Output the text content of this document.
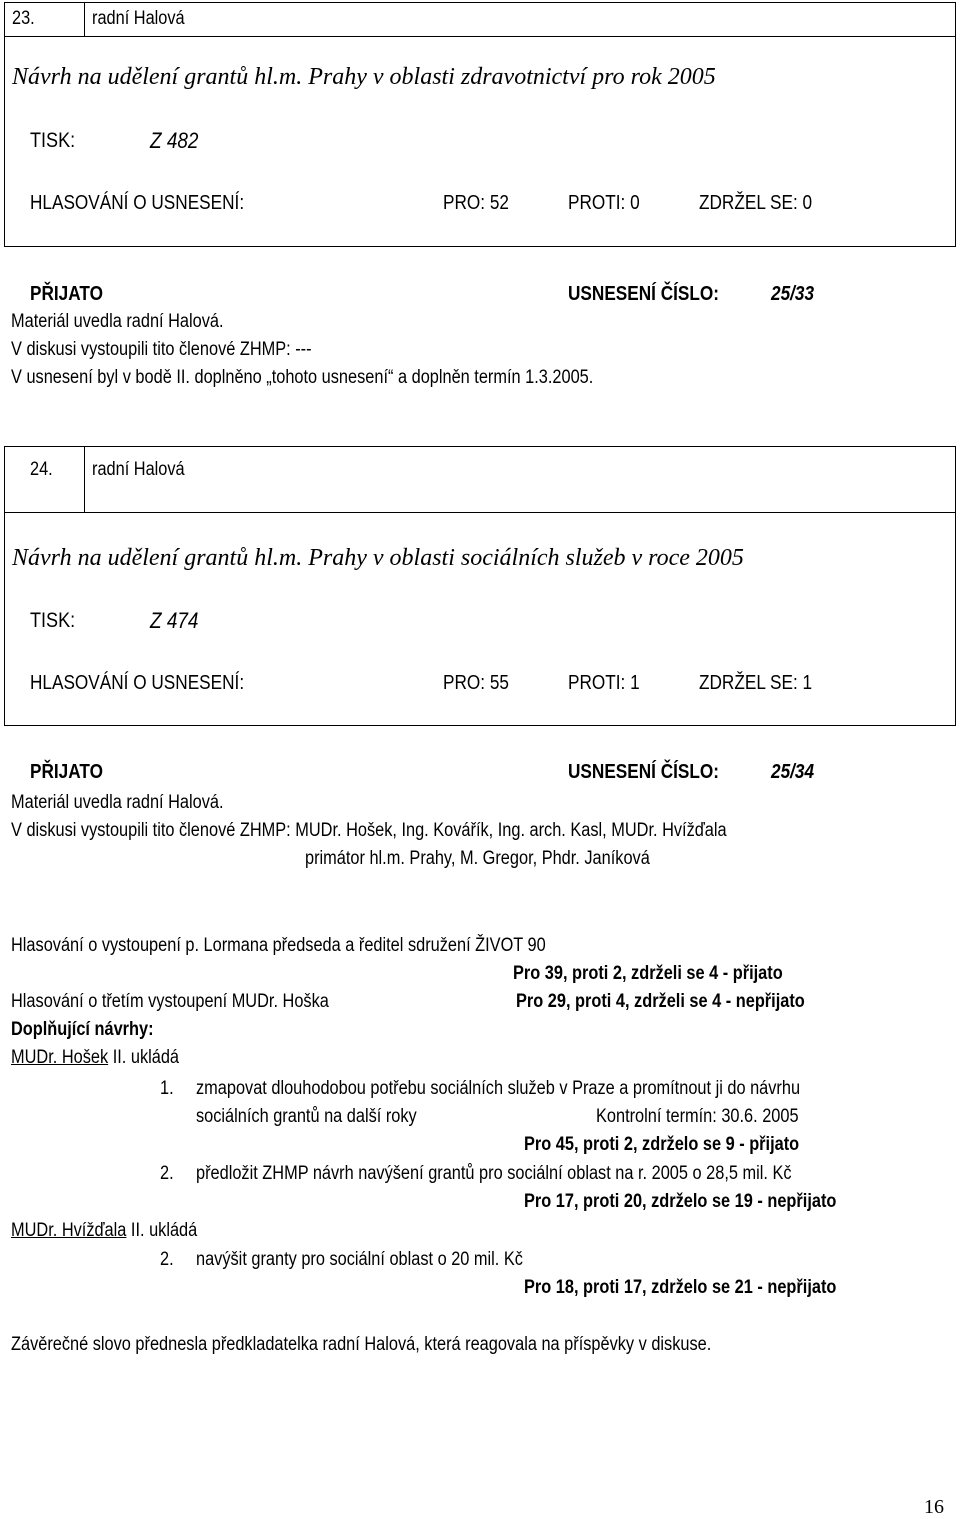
23.	radní Halová
Návrh na udělení grantů hl.m. Prahy v oblasti zdravotnictví pro rok 2005
TISK:	Z 482
HLASOVÁNÍ O USNESENÍ:	PRO: 52	PROTI: 0	ZDRŽEL SE: 0
PŘIJATO	USNESENÍ ČÍSLO:	25/33
Materiál uvedla radní Halová.
V diskusi vystoupili tito členové ZHMP: ---
V usnesení byl v bodě II. doplněno „tohoto usnesení“ a doplněn termín 1.3.2005.
24. radní Halová
Návrh na udělení grantů hl.m. Prahy v oblasti sociálních služeb v roce 2005
TISK:	Z 474
HLASOVÁNÍ O USNESENÍ:	PRO: 55	PROTI: 1	ZDRŽEL SE: 1
PŘIJATO	USNESENÍ ČÍSLO:	25/34
Materiál uvedla radní Halová.
V diskusi vystoupili tito členové ZHMP: MUDr. Hošek, Ing. Kovářík, Ing. arch. Kasl, MUDr. Hvížďala
primátor hl.m. Prahy, M. Gregor, Phdr. Janíková
Hlasování o vystoupení p. Lormana předseda a ředitel sdružení ŽIVOT 90
Pro 39, proti 2, zdrželi se 4 - přijato
Hlasování o třetím vystoupení MUDr. Hoška	Pro 29, proti 4, zdrželi se 4 - nepřijato
Doplňující návrhy:
MUDr. Hošek II. ukládá
1. zmapovat dlouhodobou potřebu sociálních služeb v Praze a promítnout ji do návrhu
sociálních grantů na další roky	Kontrolní termín: 30.6. 2005
Pro 45, proti 2, zdrželo se 9 - přijato
2. předložit ZHMP návrh navýšení grantů pro sociální oblast na r. 2005 o 28,5 mil. Kč
Pro 17, proti 20, zdrželo se 19 - nepřijato
MUDr. Hvížďala II. ukládá
2. navýšit granty pro sociální oblast o 20 mil. Kč
Pro 18, proti 17, zdrželo se 21 - nepřijato
Závěrečné slovo přednesla předkladatelka radní Halová, která reagovala na příspěvky v diskuse.
16
